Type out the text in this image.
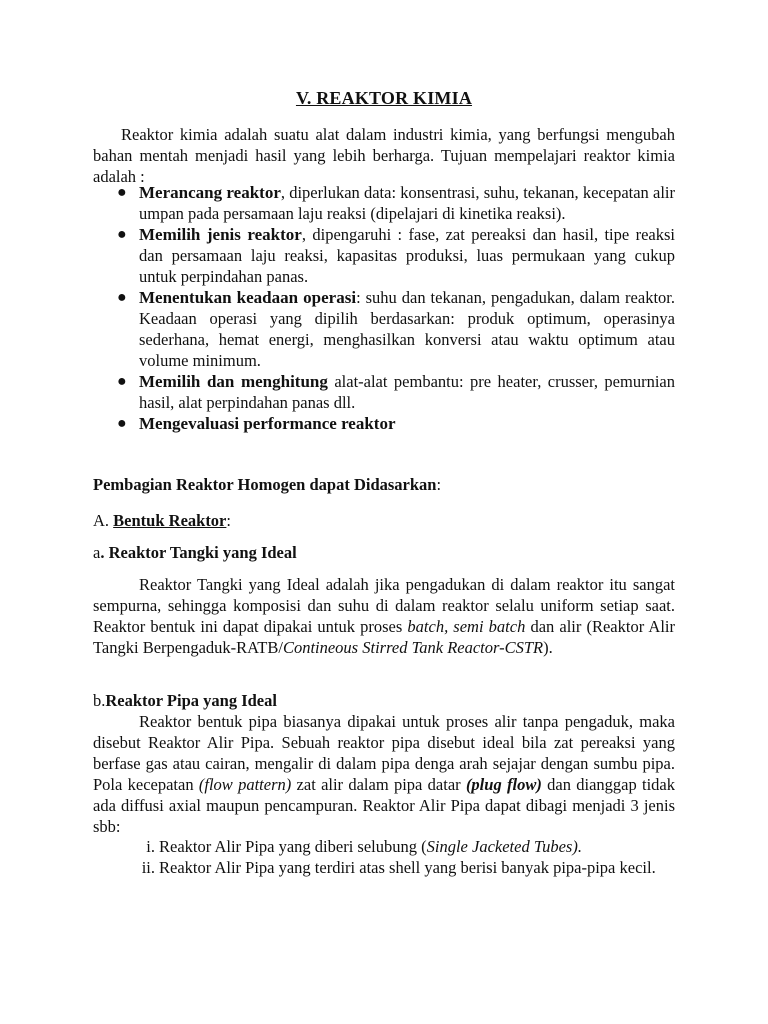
V. REAKTOR KIMIA

Reaktor kimia adalah suatu alat dalam industri kimia, yang berfungsi mengubah bahan mentah menjadi hasil yang lebih berharga. Tujuan mempelajari reaktor kimia adalah :

● Merancang reaktor, diperlukan data: konsentrasi, suhu, tekanan, kecepatan alir umpan pada persamaan laju reaksi (dipelajari di kinetika reaksi).
● Memilih jenis reaktor, dipengaruhi : fase, zat pereaksi dan hasil, tipe reaksi dan persamaan laju reaksi, kapasitas produksi, luas permukaan yang cukup untuk perpindahan panas.
● Menentukan keadaan operasi: suhu dan tekanan, pengadukan, dalam reaktor. Keadaan operasi yang dipilih berdasarkan: produk optimum, operasinya sederhana, hemat energi, menghasilkan konversi atau waktu optimum atau volume minimum.
● Memilih dan menghitung alat-alat pembantu: pre heater, crusser, pemurnian hasil, alat perpindahan panas dll.
● Mengevaluasi performance reaktor
Pembagian Reaktor Homogen dapat Didasarkan:
A. Bentuk Reaktor:
a. Reaktor Tangki yang Ideal

Reaktor Tangki yang Ideal adalah jika pengadukan di dalam reaktor itu sangat sempurna, sehingga komposisi dan suhu di dalam reaktor selalu uniform setiap saat. Reaktor bentuk ini dapat dipakai untuk proses batch, semi batch dan alir (Reaktor Alir Tangki Berpengaduk-RATB/Contineous Stirred Tank Reactor-CSTR).

b.Reaktor Pipa yang Ideal

Reaktor bentuk pipa biasanya dipakai untuk proses alir tanpa pengaduk, maka disebut Reaktor Alir Pipa. Sebuah reaktor pipa disebut ideal bila zat pereaksi yang berfase gas atau cairan, mengalir di dalam pipa denga arah sejajar dengan sumbu pipa. Pola kecepatan (flow pattern) zat alir dalam pipa datar (plug flow) dan dianggap tidak ada diffusi axial maupun pencampuran. Reaktor Alir Pipa dapat dibagi menjadi 3 jenis sbb:

i. Reaktor Alir Pipa yang diberi selubung (Single Jacketed Tubes).
ii. Reaktor Alir Pipa yang terdiri atas shell yang berisi banyak pipa-pipa kecil.
